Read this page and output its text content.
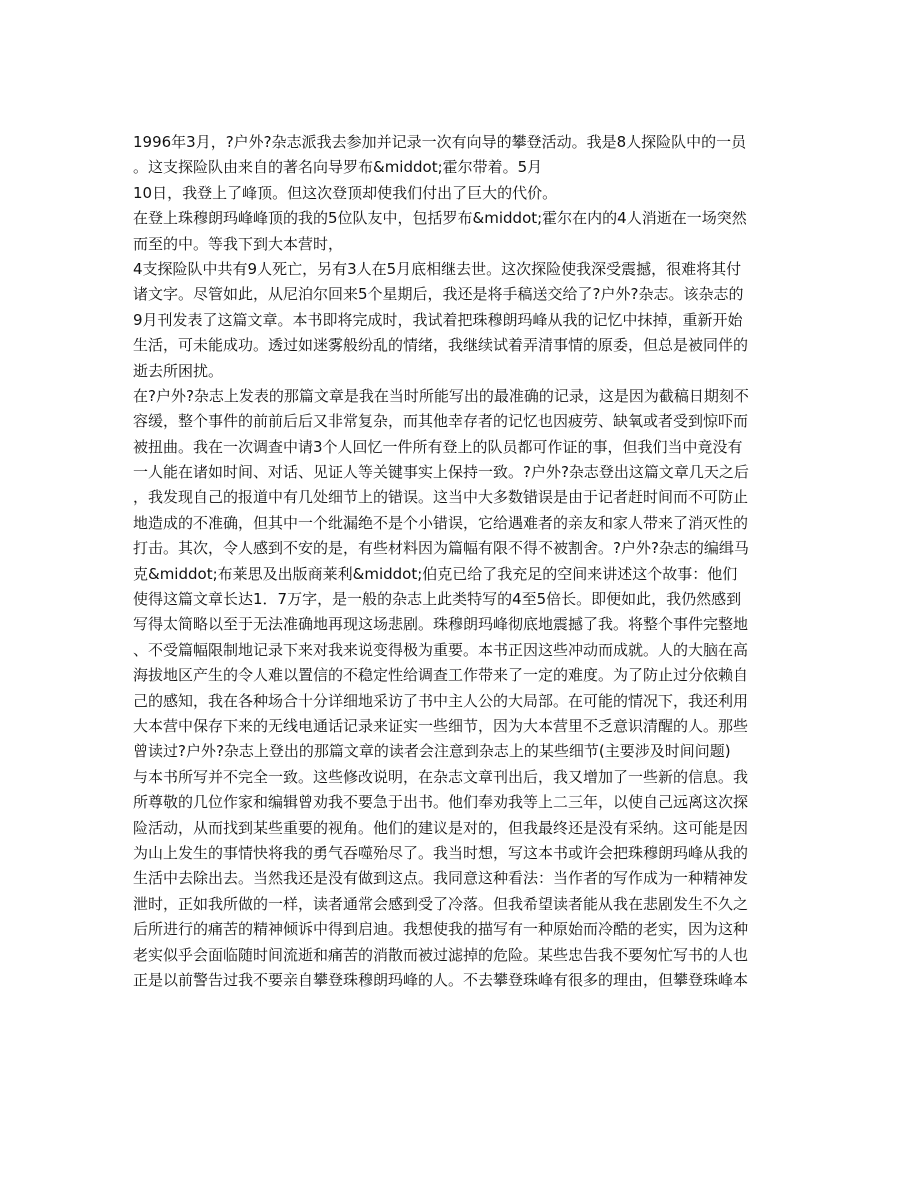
1996年3月，?户外?杂志派我去参加并记录一次有向导的攀登活动。我是8人探险队中的一员
。这支探险队由来自的著名向导罗布&middot;霍尔带着。5月
10日，我登上了峰顶。但这次登顶却使我们付出了巨大的代价。
在登上珠穆朗玛峰峰顶的我的5位队友中，包括罗布&middot;霍尔在内的4人消逝在一场突然
而至的中。等我下到大本营时，
4支探险队中共有9人死亡，另有3人在5月底相继去世。这次探险使我深受震撼，很难将其付
诸文字。尽管如此，从尼泊尔回来5个星期后，我还是将手稿送交给了?户外?杂志。该杂志的
9月刊发表了这篇文章。本书即将完成时，我试着把珠穆朗玛峰从我的记忆中抹掉，重新开始
生活，可未能成功。透过如迷雾般纷乱的情绪，我继续试着弄清事情的原委，但总是被同伴的
逝去所困扰。
在?户外?杂志上发表的那篇文章是我在当时所能写出的最准确的记录，这是因为截稿日期刻不
容缓，整个事件的前前后后又非常复杂，而其他幸存者的记忆也因疲劳、缺氧或者受到惊吓而
被扭曲。我在一次调查中请3个人回忆一件所有登上的队员都可作证的事，但我们当中竟没有
一人能在诸如时间、对话、见证人等关键事实上保持一致。?户外?杂志登出这篇文章几天之后
，我发现自己的报道中有几处细节上的错误。这当中大多数错误是由于记者赶时间而不可防止
地造成的不准确，但其中一个纰漏绝不是个小错误，它给遇难者的亲友和家人带来了消灭性的
打击。其次，令人感到不安的是，有些材料因为篇幅有限不得不被割舍。?户外?杂志的编缉马
克&middot;布莱思及出版商莱利&middot;伯克已给了我充足的空间来讲述这个故事：他们
使得这篇文章长达1．7万字，是一般的杂志上此类特写的4至5倍长。即便如此，我仍然感到
写得太简略以至于无法准确地再现这场悲剧。珠穆朗玛峰彻底地震撼了我。将整个事件完整地
、不受篇幅限制地记录下来对我来说变得极为重要。本书正因这些冲动而成就。人的大脑在高
海拔地区产生的令人难以置信的不稳定性给调查工作带来了一定的难度。为了防止过分依赖自
己的感知，我在各种场合十分详细地采访了书中主人公的大局部。在可能的情况下，我还利用
大本营中保存下来的无线电通话记录来证实一些细节，因为大本营里不乏意识清醒的人。那些
曾读过?户外?杂志上登出的那篇文章的读者会注意到杂志上的某些细节(主要涉及时间问题)
与本书所写并不完全一致。这些修改说明，在杂志文章刊出后，我又增加了一些新的信息。我
所尊敬的几位作家和编辑曾劝我不要急于出书。他们奉劝我等上二三年，以使自己远离这次探
险活动，从而找到某些重要的视角。他们的建议是对的，但我最终还是没有采纳。这可能是因
为山上发生的事情快将我的勇气吞噬殆尽了。我当时想，写这本书或许会把珠穆朗玛峰从我的
生活中去除出去。当然我还是没有做到这点。我同意这种看法：当作者的写作成为一种精神发
泄时，正如我所做的一样，读者通常会感到受了冷落。但我希望读者能从我在悲剧发生不久之
后所进行的痛苦的精神倾诉中得到启迪。我想使我的描写有一种原始而冷酷的老实，因为这种
老实似乎会面临随时间流逝和痛苦的消散而被过滤掉的危险。某些忠告我不要匆忙写书的人也
正是以前警告过我不要亲自攀登珠穆朗玛峰的人。不去攀登珠峰有很多的理由，但攀登珠峰本
